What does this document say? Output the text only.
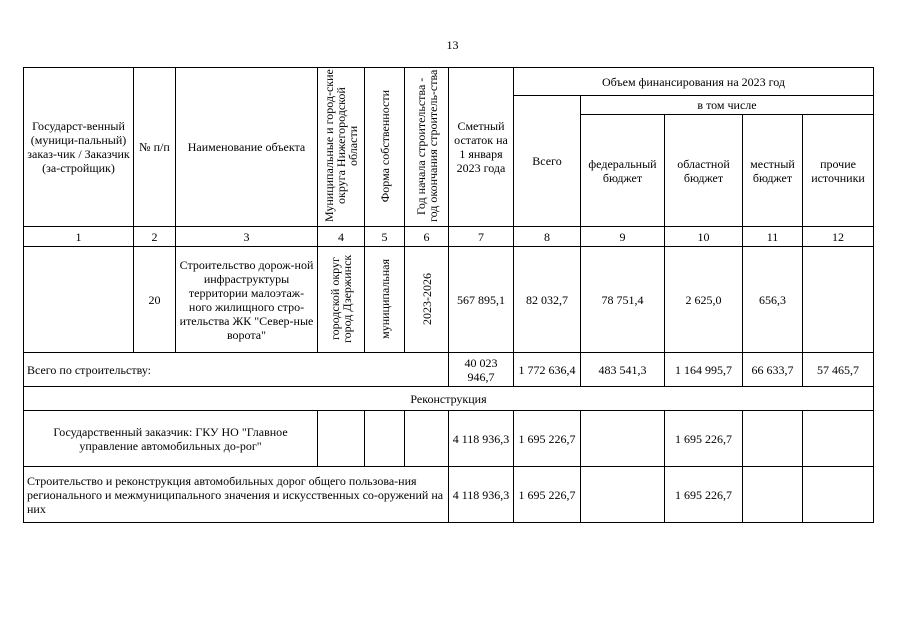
13
Государст-венный (муници-пальный) заказ-чик / Заказчик (за-стройщик)	№ п/п	Наименование объекта	Муниципальные и город-ские округа Нижегородской области	Форма собственности	Год начала строительства - год окончания строитель-ства	Сметный остаток на 1 января 2023 года	Объем финансирования на 2023 год				
							Всего	в том числе			
								федеральный бюджет	областной бюджет	местный бюджет	прочие источники
1	2	3	4	5	6	7	8	9	10	11	12
	20	Строительство дорож-ной инфраструктуры территории малоэтаж-ного жилищного стро-ительства ЖК "Север-ные ворота"	городской округ город Дзержинск	муниципальная	2023-2026	567 895,1	82 032,7	78 751,4	2 625,0	656,3	
Всего по строительству:						40 023 946,7	1 772 636,4	483 541,3	1 164 995,7	66 633,7	57 465,7
Реконструкция											
Государственный заказчик: ГКУ НО "Главное управление автомобильных до-рог"						4 118 936,3	1 695 226,7		1 695 226,7		
Строительство и реконструкция автомобильных дорог общего пользова-ния регионального и межмуниципального значения и искусственных со-оружений на них						4 118 936,3	1 695 226,7		1 695 226,7		
